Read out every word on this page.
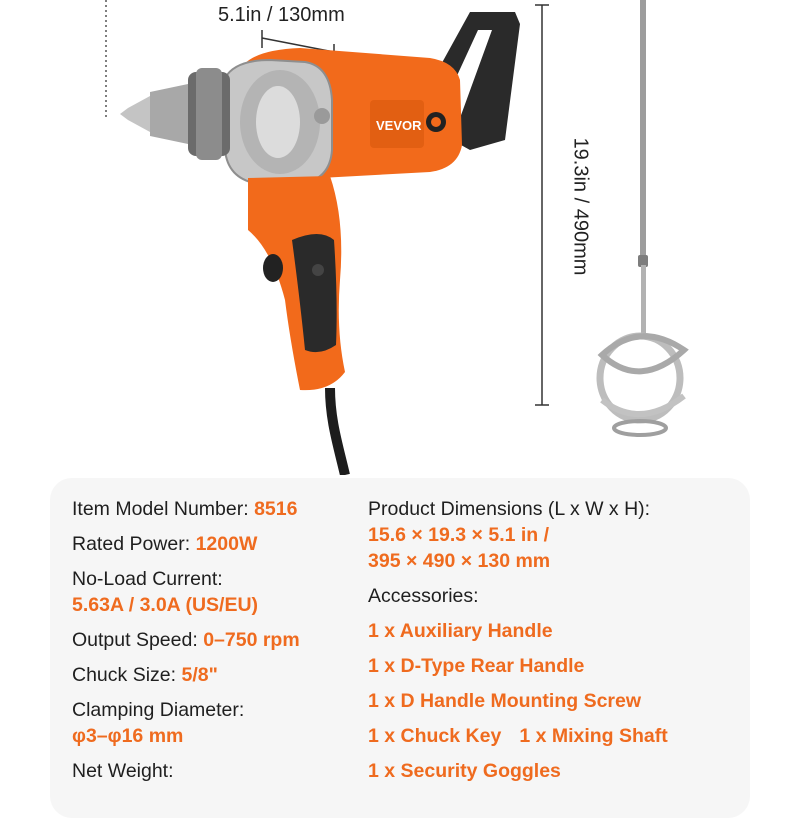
VEVOR
5.1in / 130mm
19.3in / 490mm
Item Model Number: 8516
Rated Power: 1200W
No-Load Current:
5.63A / 3.0A (US/EU)
Output Speed: 0–750 rpm
Chuck Size: 5/8"
Clamping Diameter:
φ3–φ16 mm
Net Weight:
Product Dimensions (L x W x H):
15.6 × 19.3 × 5.1 in /
395 × 490 × 130 mm
Accessories:
1 x Auxiliary Handle
1 x D-Type Rear Handle
1 x D Handle Mounting Screw
1 x Chuck Key 1 x Mixing Shaft
1 x Security Goggles
